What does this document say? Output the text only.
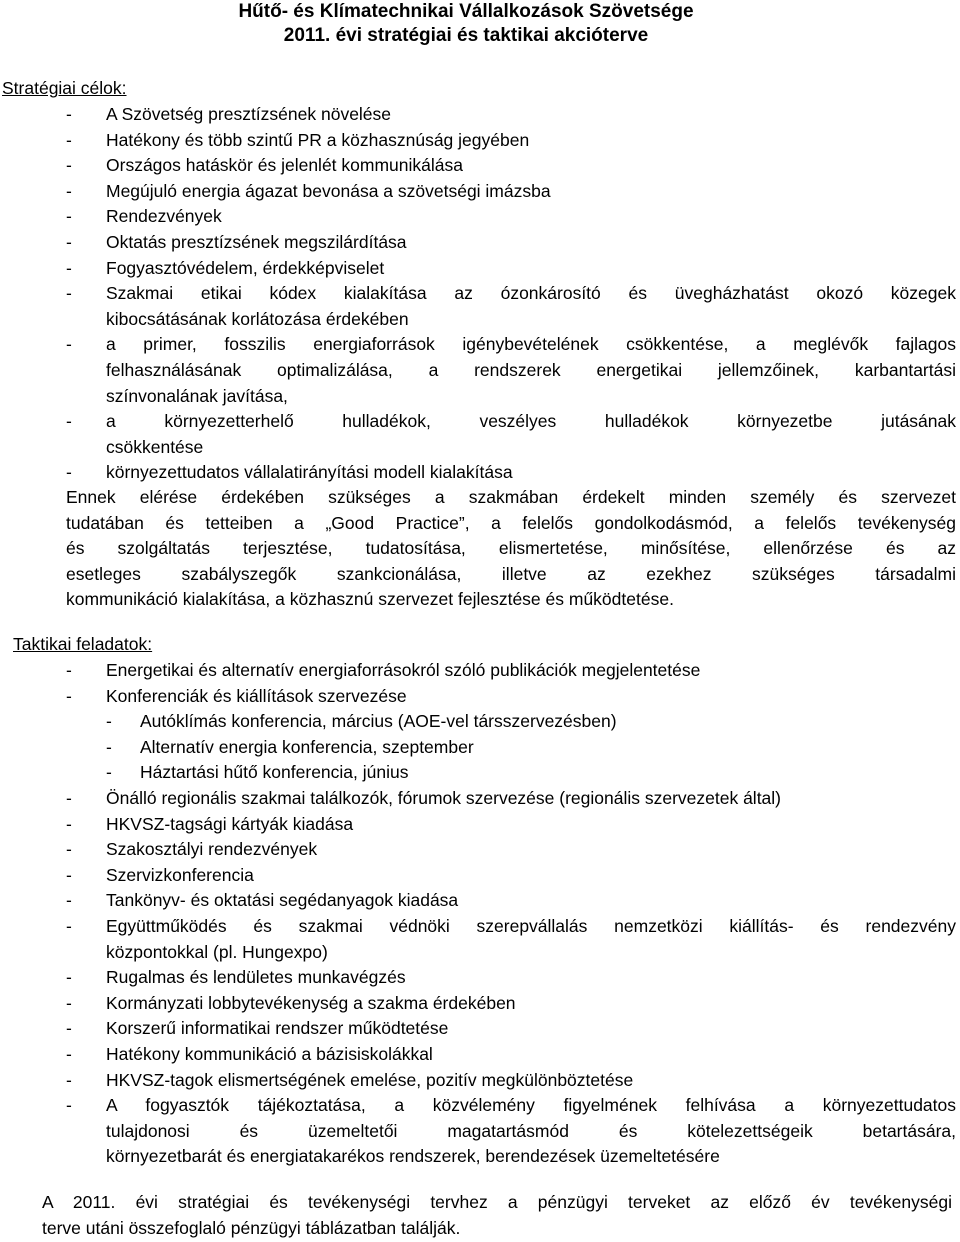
Hűtő- és Klímatechnikai Vállalkozások Szövetsége
2011. évi stratégiai és taktikai akcióterve
Stratégiai célok:
- A Szövetség presztízsének növelése
- Hatékony és több szintű PR a közhasznúság jegyében
- Országos hatáskör és jelenlét kommunikálása
- Megújuló energia ágazat bevonása a szövetségi imázsba
- Rendezvények
- Oktatás presztízsének megszilárdítása
- Fogyasztóvédelem, érdekképviselet
- Szakmai etikai kódex kialakítása az ózonkárosító és üvegházhatást okozó közegek
kibocsátásának korlátozása érdekében
- a primer, fosszilis energiaforrások igénybevételének csökkentése, a meglévők fajlagos
felhasználásának optimalizálása, a rendszerek energetikai jellemzőinek, karbantartási
színvonalának javítása,
- a környezetterhelő hulladékok, veszélyes hulladékok környezetbe jutásának
csökkentése
- környezettudatos vállalatirányítási modell kialakítása
Ennek elérése érdekében szükséges a szakmában érdekelt minden személy és szervezet
tudatában és tetteiben a „Good Practice”, a felelős gondolkodásmód, a felelős tevékenység
és szolgáltatás terjesztése, tudatosítása, elismertetése, minősítése, ellenőrzése és az
esetleges szabályszegők szankcionálása, illetve az ezekhez szükséges társadalmi
kommunikáció kialakítása, a közhasznú szervezet fejlesztése és működtetése.
Taktikai feladatok:
- Energetikai és alternatív energiaforrásokról szóló publikációk megjelentetése
- Konferenciák és kiállítások szervezése
- Autóklímás konferencia, március (AOE-vel társszervezésben)
- Alternatív energia konferencia, szeptember
- Háztartási hűtő konferencia, június
- Önálló regionális szakmai találkozók, fórumok szervezése (regionális szervezetek által)
- HKVSZ-tagsági kártyák kiadása
- Szakosztályi rendezvények
- Szervizkonferencia
- Tankönyv- és oktatási segédanyagok kiadása
- Együttműködés és szakmai védnöki szerepvállalás nemzetközi kiállítás- és rendezvény
központokkal (pl. Hungexpo)
- Rugalmas és lendületes munkavégzés
- Kormányzati lobbytevékenység a szakma érdekében
- Korszerű informatikai rendszer működtetése
- Hatékony kommunikáció a bázisiskolákkal
- HKVSZ-tagok elismertségének emelése, pozitív megkülönböztetése
- A fogyasztók tájékoztatása, a közvélemény figyelmének felhívása a környezettudatos
tulajdonosi és üzemeltetői magatartásmód és kötelezettségeik betartására,
környezetbarát és energiatakarékos rendszerek, berendezések üzemeltetésére
A 2011. évi stratégiai és tevékenységi tervhez a pénzügyi terveket az előző év tevékenységi
terve utáni összefoglaló pénzügyi táblázatban találják.
